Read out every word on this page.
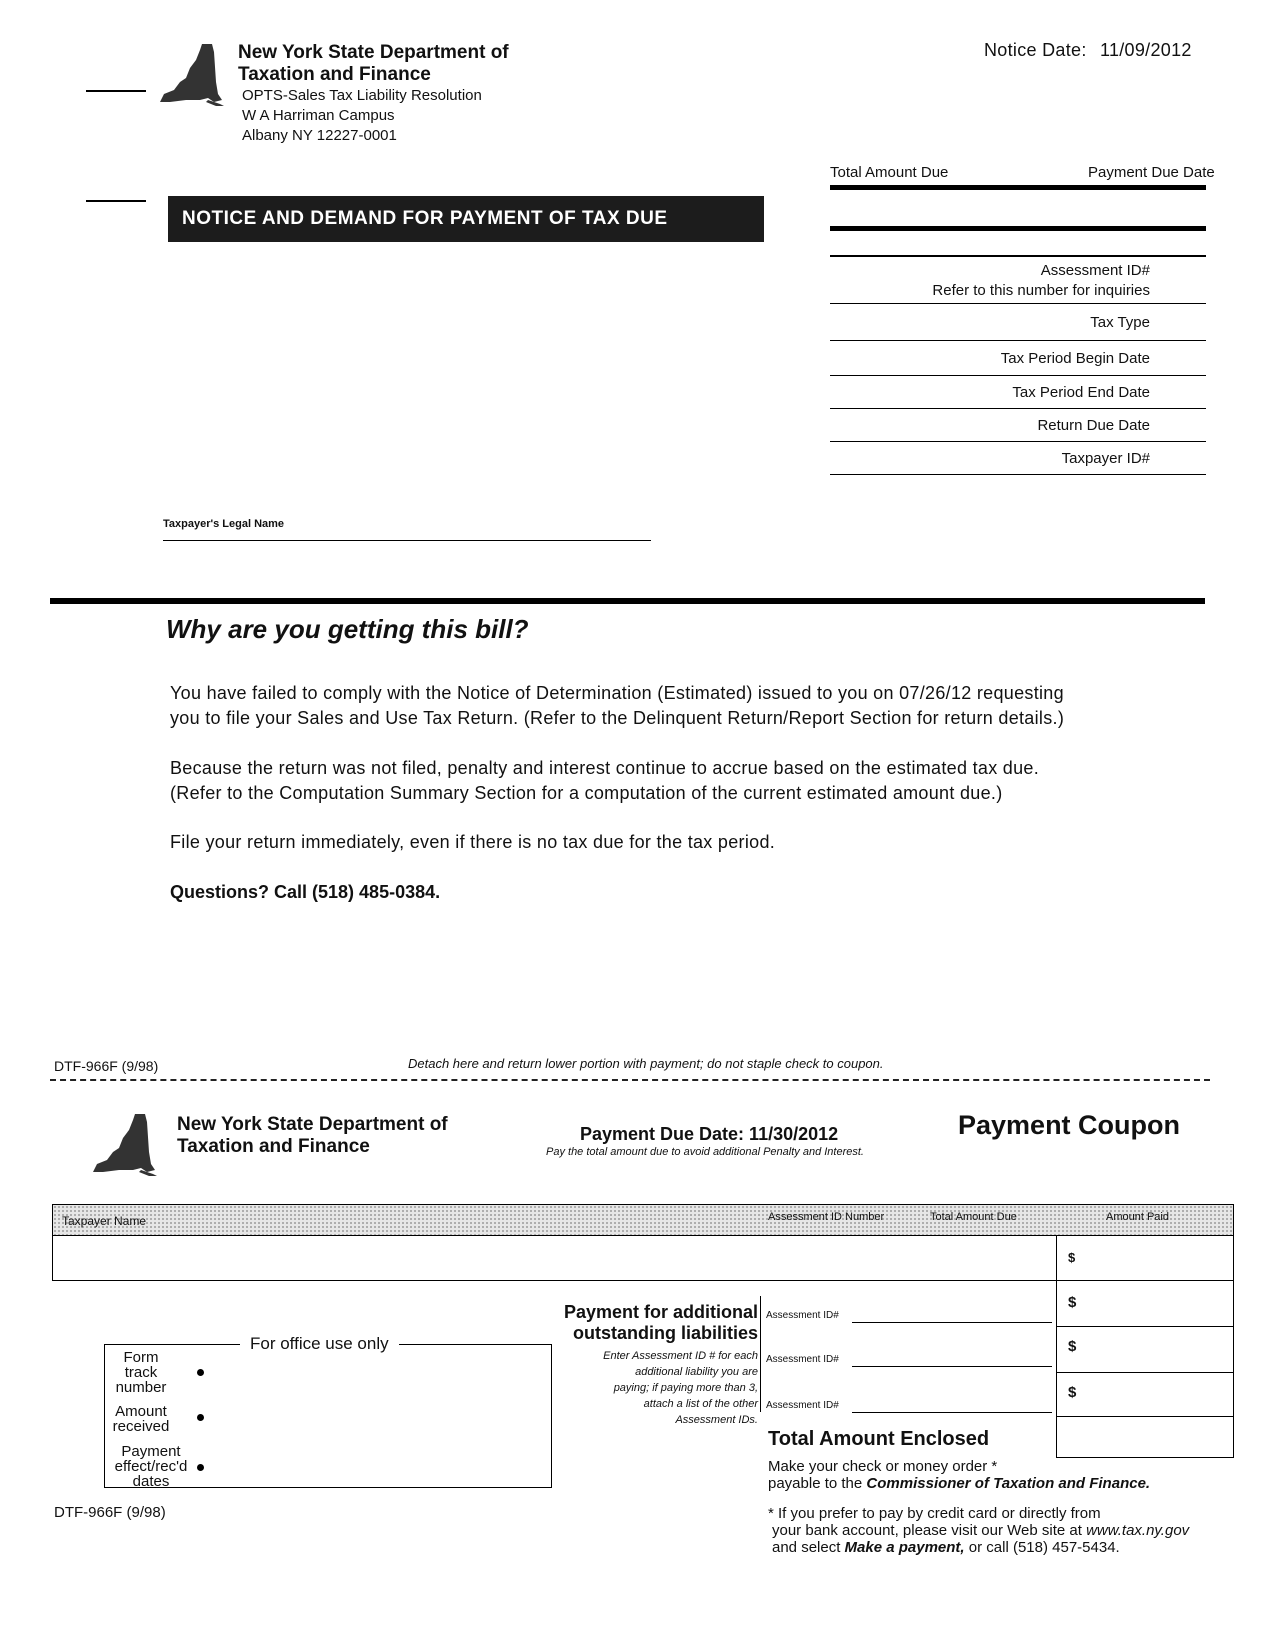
New York State Department of
Taxation and Finance
OPTS-Sales Tax Liability Resolution
W A Harriman Campus
Albany NY 12227-0001
Notice Date: 11/09/2012
NOTICE AND DEMAND FOR PAYMENT OF TAX DUE
Total Amount Due	Payment Due Date
Assessment ID#
Refer to this number for inquiries
Tax Type
Tax Period Begin Date
Tax Period End Date
Return Due Date
Taxpayer ID#
Taxpayer's Legal Name
Why are you getting this bill?
You have failed to comply with the Notice of Determination (Estimated) issued to you on 07/26/12 requesting
you to file your Sales and Use Tax Return. (Refer to the Delinquent Return/Report Section for return details.)
Because the return was not filed, penalty and interest continue to accrue based on the estimated tax due.
(Refer to the Computation Summary Section for a computation of the current estimated amount due.)
File your return immediately, even if there is no tax due for the tax period.
Questions? Call (518) 485-0384.
DTF-966F (9/98)	Detach here and return lower portion with payment; do not staple check to coupon.
New York State Department of
Taxation and Finance
Payment Due Date: 11/30/2012
Pay the total amount due to avoid additional Penalty and Interest.
Payment Coupon
Taxpayer Name	Assessment ID Number	Total Amount Due	Amount Paid
$
$
$
$
For office use only
Form
track
number
Amount
received
Payment
effect/rec'd
dates
Payment for additional
outstanding liabilities
Enter Assessment ID # for each
additional liability you are
paying; if paying more than 3,
attach a list of the other
Assessment IDs.
Assessment ID#
Assessment ID#
Assessment ID#
Total Amount Enclosed
Make your check or money order *
payable to the Commissioner of Taxation and Finance.
* If you prefer to pay by credit card or directly from
your bank account, please visit our Web site at www.tax.ny.gov
and select Make a payment, or call (518) 457-5434.
DTF-966F (9/98)
